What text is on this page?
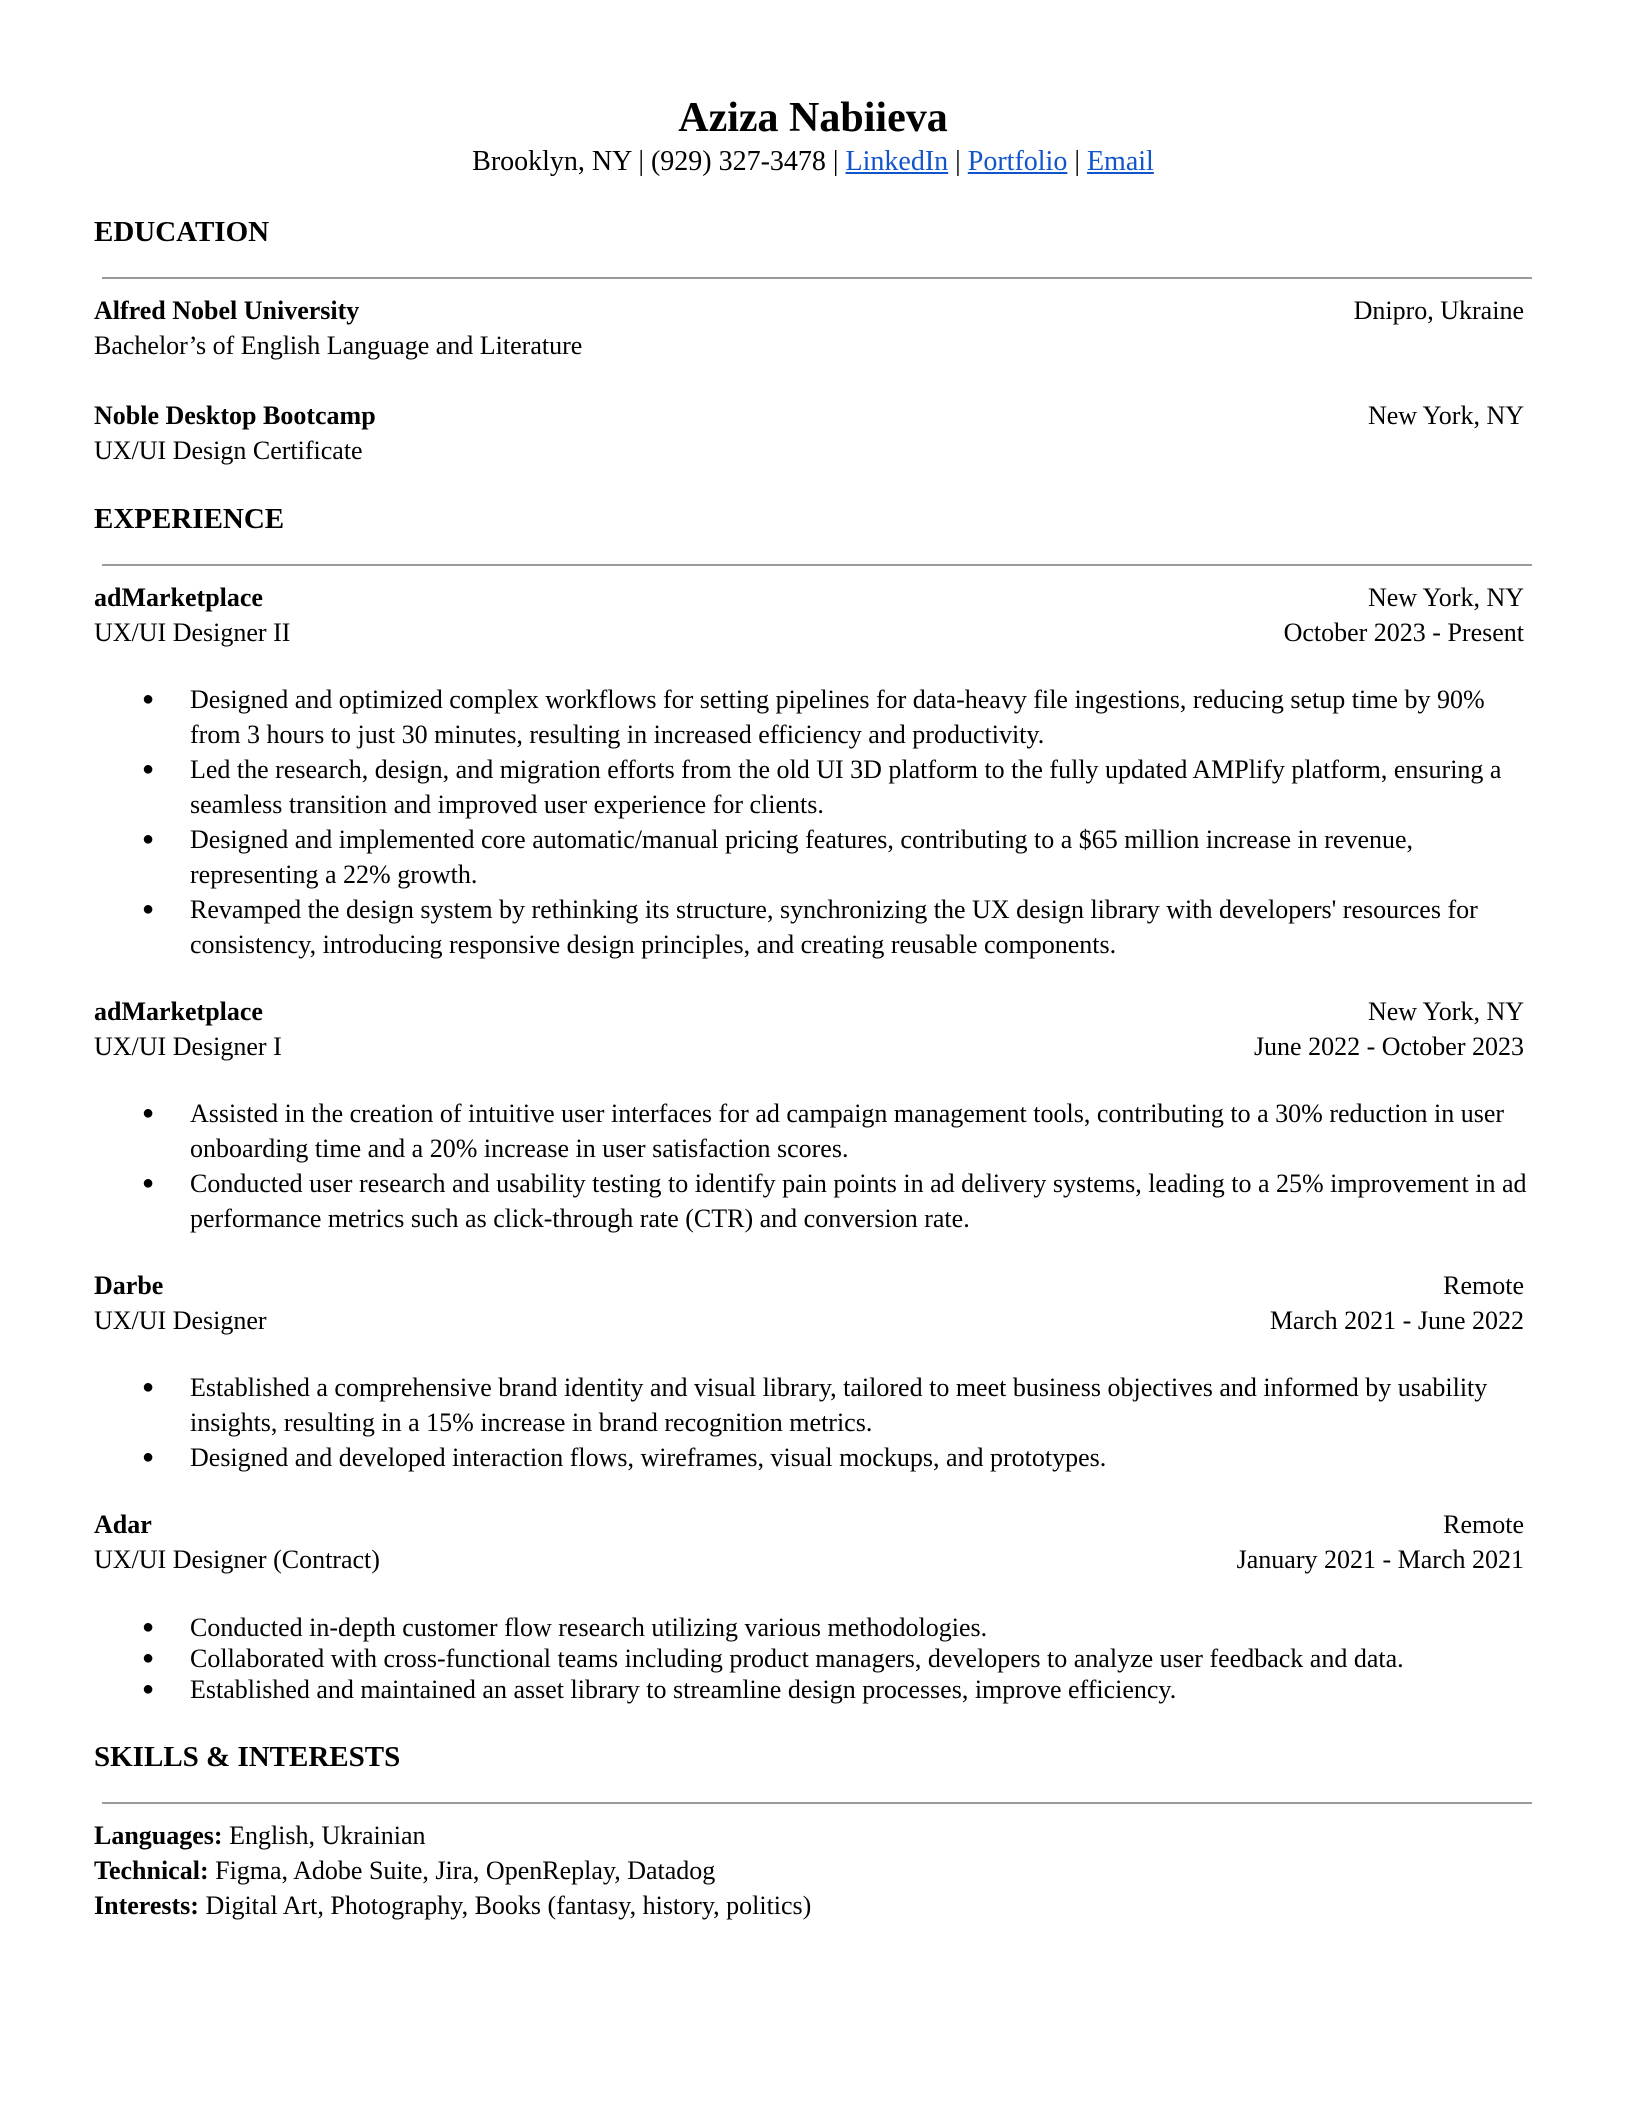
Aziza Nabiieva
Brooklyn, NY | (929) 327-3478 | LinkedIn | Portfolio | Email
EDUCATION
Alfred Nobel University	Dnipro, Ukraine
Bachelor’s of English Language and Literature
Noble Desktop Bootcamp	New York, NY
UX/UI Design Certificate
EXPERIENCE
adMarketplace	New York, NY
UX/UI Designer II	October 2023 - Present
● Designed and optimized complex workflows for setting pipelines for data-heavy file ingestions, reducing setup time by 90% from 3 hours to just 30 minutes, resulting in increased efficiency and productivity.
● Led the research, design, and migration efforts from the old UI 3D platform to the fully updated AMPlify platform, ensuring a seamless transition and improved user experience for clients.
● Designed and implemented core automatic/manual pricing features, contributing to a $65 million increase in revenue, representing a 22% growth.
● Revamped the design system by rethinking its structure, synchronizing the UX design library with developers' resources for consistency, introducing responsive design principles, and creating reusable components.
adMarketplace	New York, NY
UX/UI Designer I	June 2022 - October 2023
● Assisted in the creation of intuitive user interfaces for ad campaign management tools, contributing to a 30% reduction in user onboarding time and a 20% increase in user satisfaction scores.
● Conducted user research and usability testing to identify pain points in ad delivery systems, leading to a 25% improvement in ad performance metrics such as click-through rate (CTR) and conversion rate.
Darbe	Remote
UX/UI Designer	March 2021 - June 2022
● Established a comprehensive brand identity and visual library, tailored to meet business objectives and informed by usability insights, resulting in a 15% increase in brand recognition metrics.
● Designed and developed interaction flows, wireframes, visual mockups, and prototypes.
Adar	Remote
UX/UI Designer (Contract)	January 2021 - March 2021
● Conducted in-depth customer flow research utilizing various methodologies.
● Collaborated with cross-functional teams including product managers, developers to analyze user feedback and data.
● Established and maintained an asset library to streamline design processes, improve efficiency.
SKILLS & INTERESTS
Languages: English, Ukrainian
Technical: Figma, Adobe Suite, Jira, OpenReplay, Datadog
Interests: Digital Art, Photography, Books (fantasy, history, politics)
